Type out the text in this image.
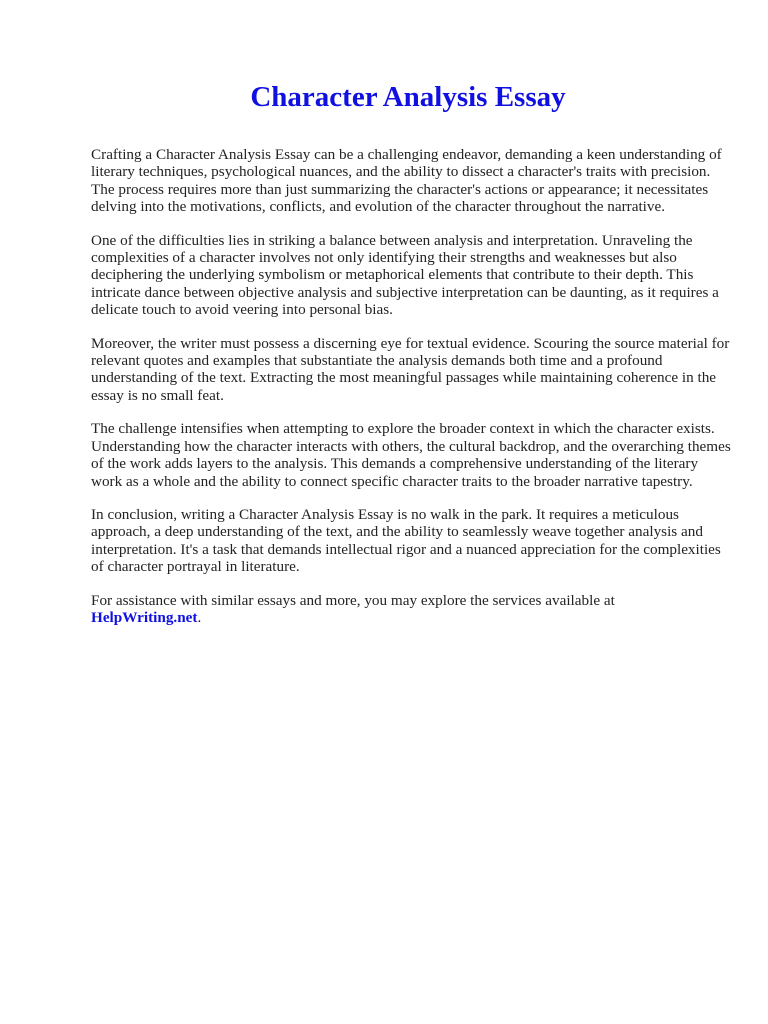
Character Analysis Essay

Crafting a Character Analysis Essay can be a challenging endeavor, demanding a keen understanding of literary techniques, psychological nuances, and the ability to dissect a character's traits with precision. The process requires more than just summarizing the character's actions or appearance; it necessitates delving into the motivations, conflicts, and evolution of the character throughout the narrative.

One of the difficulties lies in striking a balance between analysis and interpretation. Unraveling the complexities of a character involves not only identifying their strengths and weaknesses but also deciphering the underlying symbolism or metaphorical elements that contribute to their depth. This intricate dance between objective analysis and subjective interpretation can be daunting, as it requires a delicate touch to avoid veering into personal bias.

Moreover, the writer must possess a discerning eye for textual evidence. Scouring the source material for relevant quotes and examples that substantiate the analysis demands both time and a profound understanding of the text. Extracting the most meaningful passages while maintaining coherence in the essay is no small feat.

The challenge intensifies when attempting to explore the broader context in which the character exists. Understanding how the character interacts with others, the cultural backdrop, and the overarching themes of the work adds layers to the analysis. This demands a comprehensive understanding of the literary work as a whole and the ability to connect specific character traits to the broader narrative tapestry.

In conclusion, writing a Character Analysis Essay is no walk in the park. It requires a meticulous approach, a deep understanding of the text, and the ability to seamlessly weave together analysis and interpretation. It's a task that demands intellectual rigor and a nuanced appreciation for the complexities of character portrayal in literature.

For assistance with similar essays and more, you may explore the services available at
HelpWriting.net.
